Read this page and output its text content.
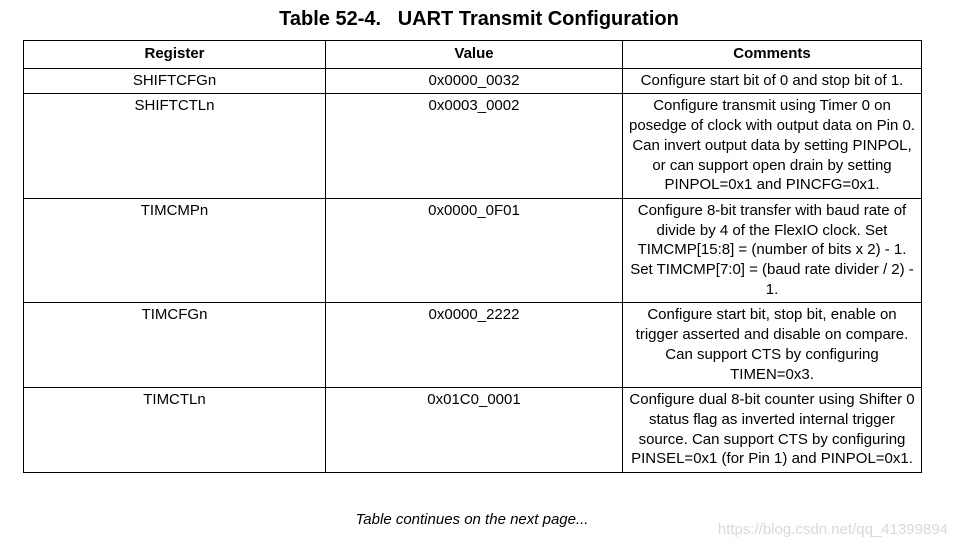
Table 52-4.   UART Transmit Configuration
Register	Value	Comments
SHIFTCFGn	0x0000_0032	Configure start bit of 0 and stop bit of 1.
SHIFTCTLn	0x0003_0002	Configure transmit using Timer 0 on posedge of clock with output data on Pin 0. Can invert output data by setting PINPOL, or can support open drain by setting PINPOL=0x1 and PINCFG=0x1.
TIMCMPn	0x0000_0F01	Configure 8-bit transfer with baud rate of divide by 4 of the FlexIO clock. Set TIMCMP[15:8] = (number of bits x 2) - 1. Set TIMCMP[7:0] = (baud rate divider / 2) - 1.
TIMCFGn	0x0000_2222	Configure start bit, stop bit, enable on trigger asserted and disable on compare. Can support CTS by configuring TIMEN=0x3.
TIMCTLn	0x01C0_0001	Configure dual 8-bit counter using Shifter 0 status flag as inverted internal trigger source. Can support CTS by configuring PINSEL=0x1 (for Pin 1) and PINPOL=0x1.
Table continues on the next page...
https://blog.csdn.net/qq_41399894
